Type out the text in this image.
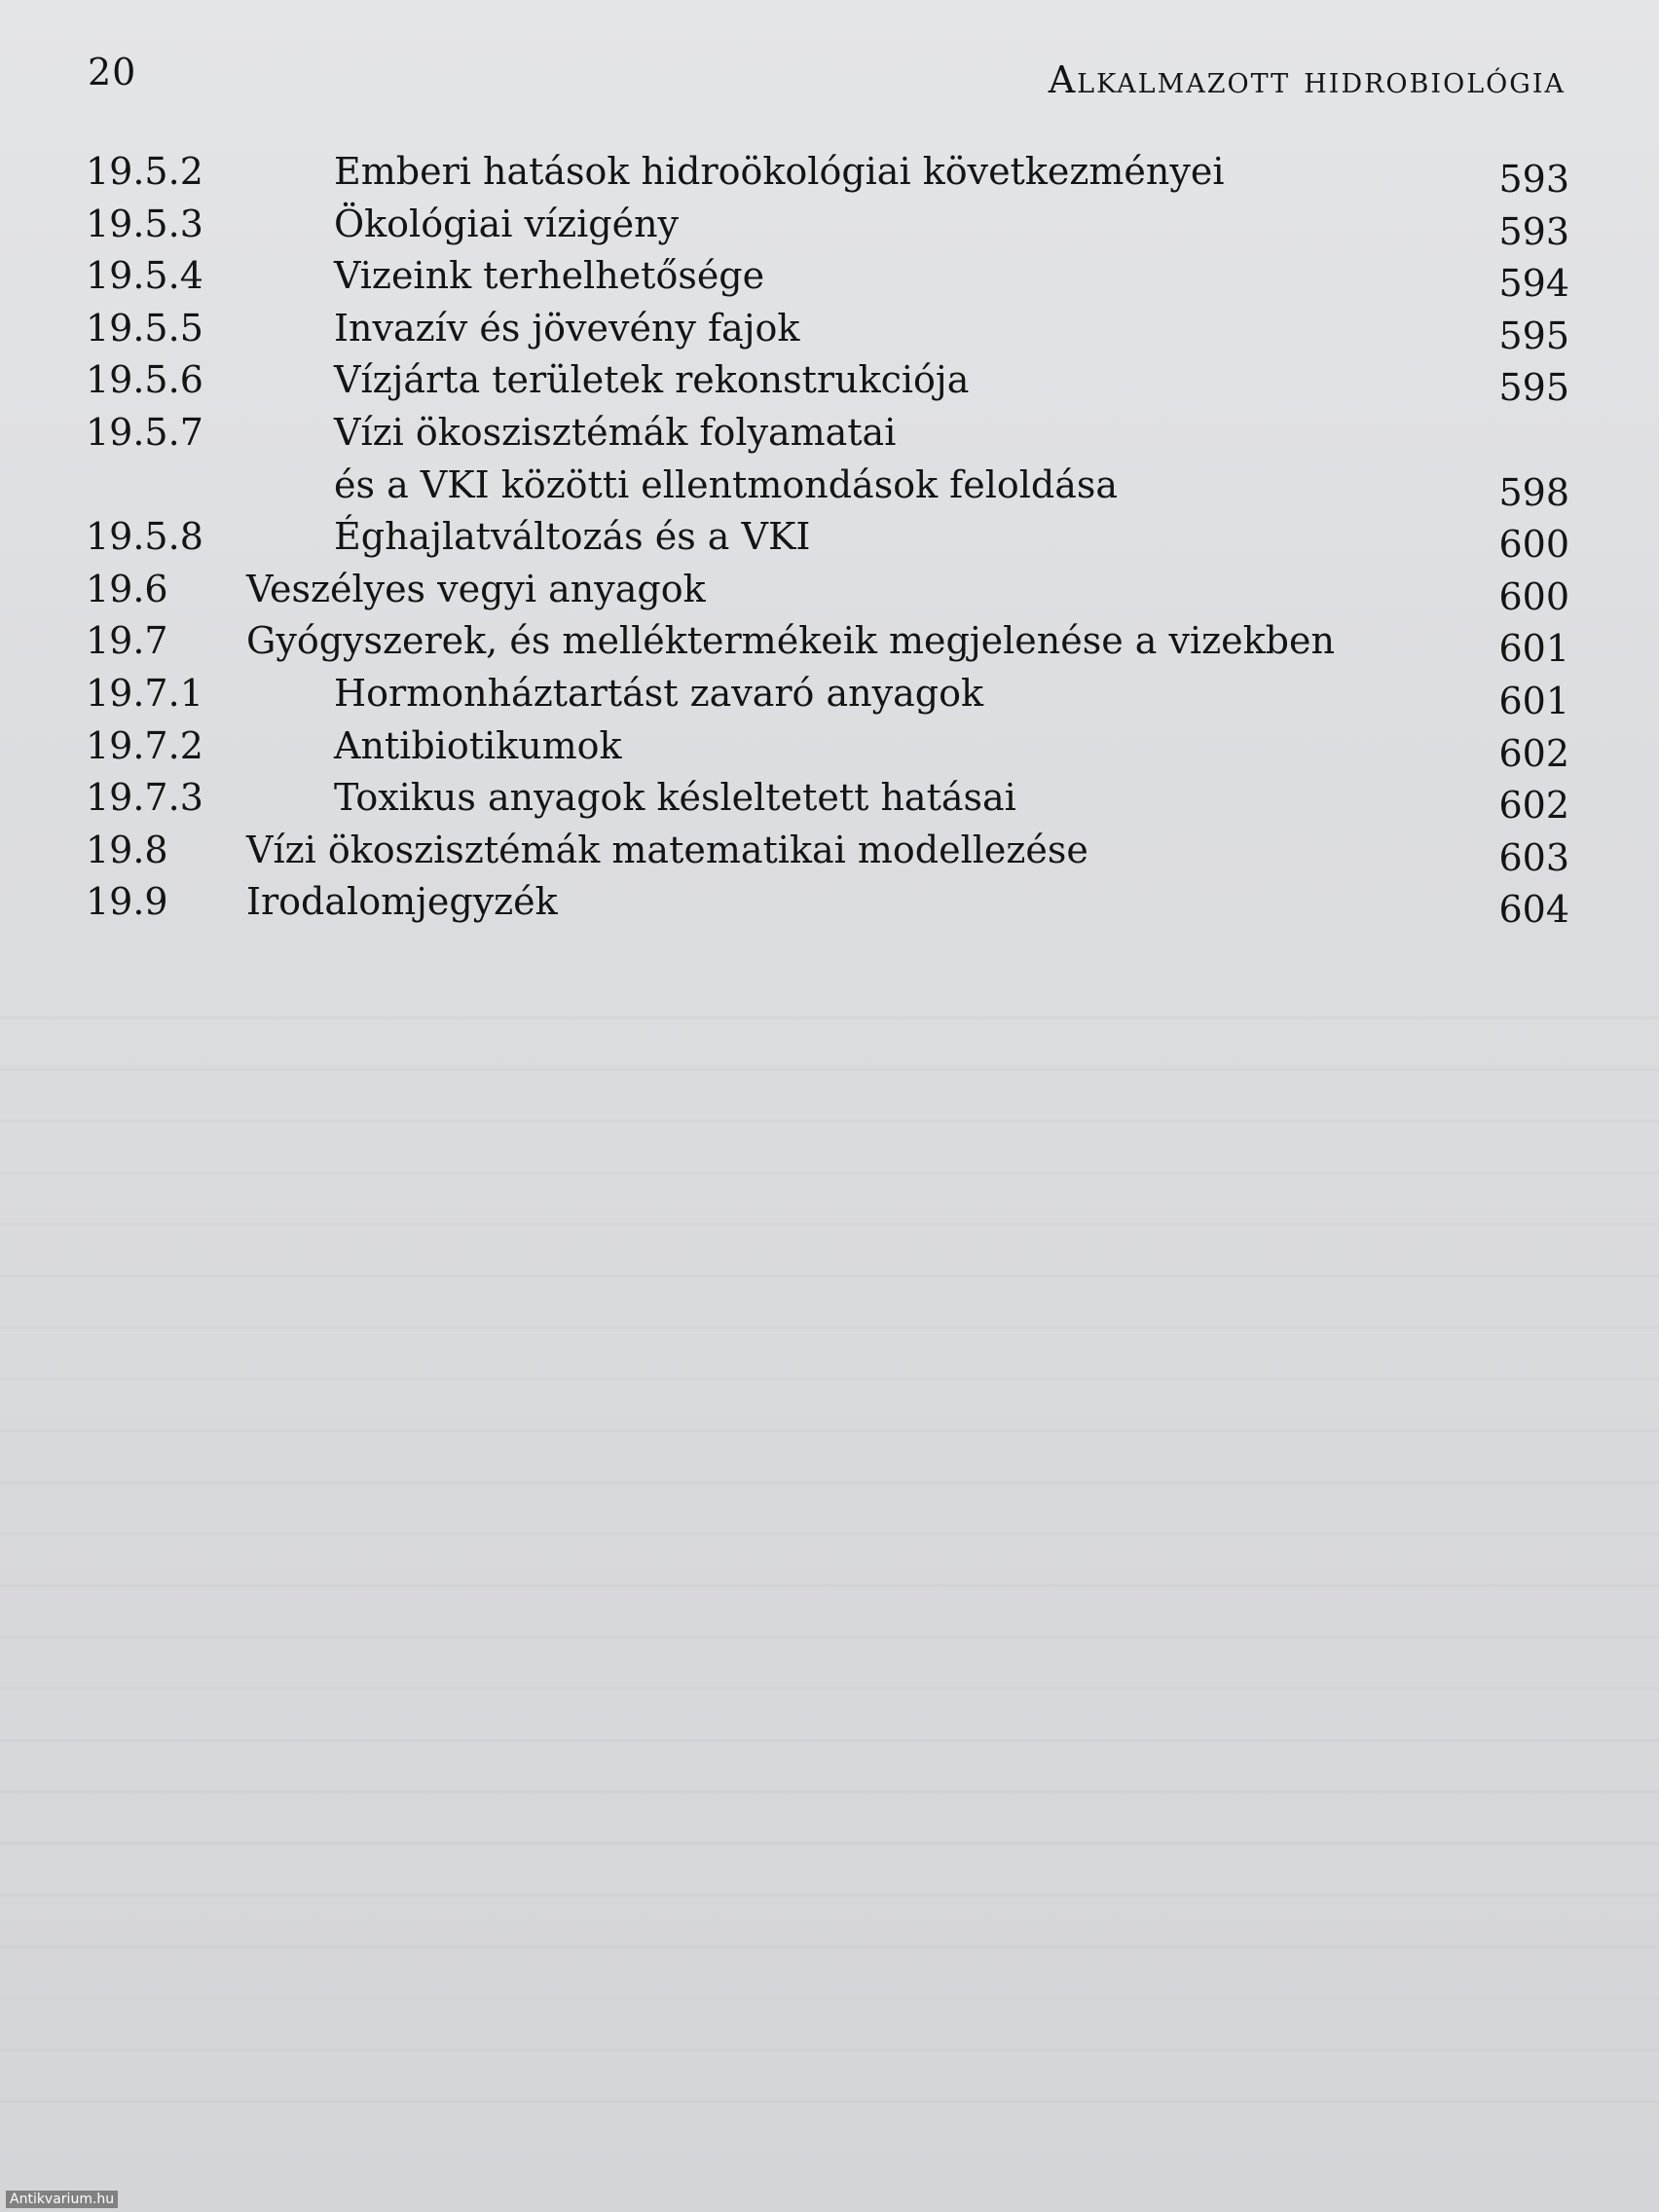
20	Alkalmazott hidrobiológia
19.5.2	Emberi hatások hidroökológiai következményei	593
19.5.3	Ökológiai vízigény	593
19.5.4	Vizeink terhelhetősége	594
19.5.5	Invazív és jövevény fajok	595
19.5.6	Vízjárta területek rekonstrukciója	595
19.5.7	Vízi ökoszisztémák folyamatai
és a VKI közötti ellentmondások feloldása	598
19.5.8	Éghajlatváltozás és a VKI	600
19.6 Veszélyes vegyi anyagok	600
19.7 Gyógyszerek, és melléktermékeik megjelenése a vizekben	601
19.7.1	Hormonháztartást zavaró anyagok	601
19.7.2	Antibiotikumok	602
19.7.3	Toxikus anyagok késleltetett hatásai	602
19.8 Vízi ökoszisztémák matematikai modellezése	603
19.9 Irodalomjegyzék	604
Antikvarium.hu
